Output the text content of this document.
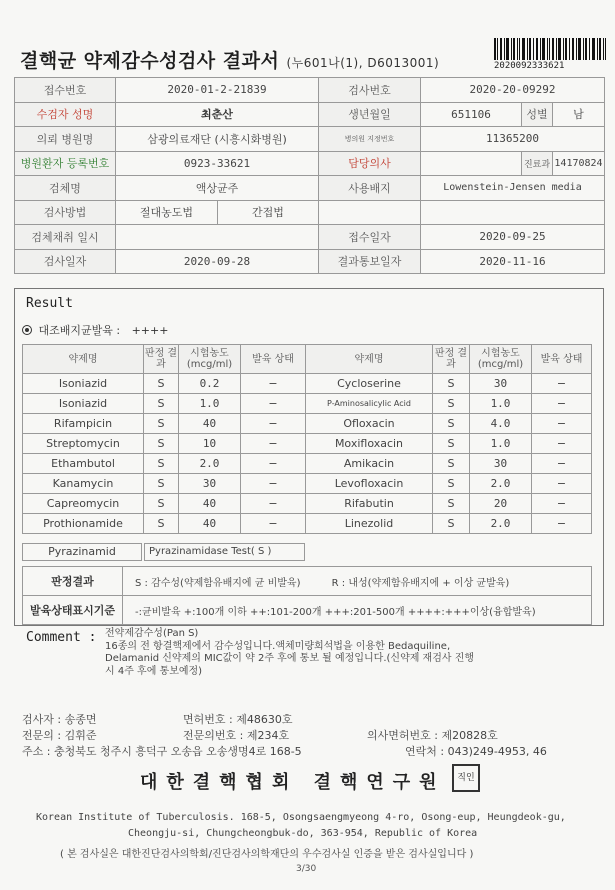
결핵균 약제감수성검사 결과서 (누601나(1), D6013001)	2020092333621
접수번호	2020-01-2-21839		검사번호	2020-20-09292		
수검자 성명	최춘산		생년월일	651106	성별	남
의뢰 병원명	삼광의료재단 (시흥시화병원)		병의원 지정번호	11365200		
병원환자 등록번호	0923-33621		담당의사		진료과	14170824
검체명	액상균주		사용배지	Lowenstein-Jensen media		
검사방법	절대농도법	간접법				
검체채취 일시			접수일자	2020-09-25		
검사일자	2020-09-28		결과통보일자	2020-11-16		
Result
대조배지균발육 : ++++
약제명	판정 결과	시험농도 (mcg/ml)	발육 상태	약제명	판정 결과	시험농도 (mcg/ml)	발육 상태
Isoniazid	S	0.2	−	Cycloserine	S	30	−
Isoniazid	S	1.0	−	P-Aminosalicylic Acid	S	1.0	−
Rifampicin	S	40	−	Ofloxacin	S	4.0	−
Streptomycin	S	10	−	Moxifloxacin	S	1.0	−
Ethambutol	S	2.0	−	Amikacin	S	30	−
Kanamycin	S	30	−	Levofloxacin	S	2.0	−
Capreomycin	S	40	−	Rifabutin	S	20	−
Prothionamide	S	40	−	Linezolid	S	2.0	−
Pyrazinamid	Pyrazinamidase Test( S )
판정결과	S : 감수성(약제함유배지에 균 비발육) R : 내성(약제함유배지에 + 이상 균발육)
발육상태표시기준	-:균비발육 +:100개 이하 ++:101-200개 +++:201-500개 ++++:+++이상(융합발육)
Comment : 전약제감수성(Pan S)
16종의 전 항결핵제에서 감수성입니다.액체미량희석법을 이용한 Bedaquiline,
Delamanid 신약제의 MIC값이 약 2주 후에 통보 될 예정입니다.(신약제 재검사 진행
시 4주 후에 통보예정)
검사자 : 송종면	면허번호 : 제48630호
전문의 : 김휘준	전문의번호 : 제234호	의사면허번호 : 제20828호
주소 : 충청북도 청주시 흥덕구 오송읍 오송생명4로 168-5	연락처 : 043)249-4953, 46
대한결핵협회 결핵연구원	직인
Korean Institute of Tuberculosis. 168-5, Osongsaengmyeong 4-ro, Osong-eup, Heungdeok-gu,
Cheongju-si, Chungcheongbuk-do, 363-954, Republic of Korea
( 본 검사실은 대한진단검사의학회/진단검사의학재단의 우수검사실 인증을 받은 검사실입니다 )
3/30
